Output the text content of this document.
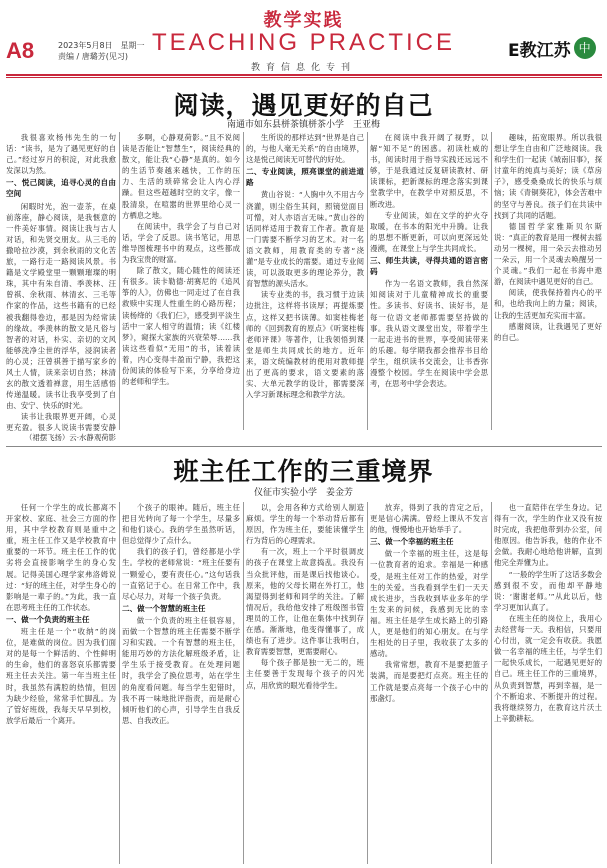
教学实践
TEACHING PRACTICE
教育信息化专刊
A8	2023年5月8日　星期一
责编 / 唐璐芳(见习)	E教江苏 中
阅读，遇见更好的自己
南通市如东县栟茶镇栟茶小学　王亚梅

我很喜欢杨伟先生的一句话：“读书，是为了遇见更好的自己。”经过岁月的积淀，对此我愈发深以为然。

一、悦己阅读，追寻心灵的自由空间

闲暇时光，泡一壶茶，在桌前落座，静心阅读，是我惬意的一件美好事情。阅读让我与古人对话，和先贤交朋友。从三毛的撒哈拉沙漠，到余秋雨的文化苦旅，一路行走一路阅读风景。书籍是文学殿堂里一颗颗璀璨的明珠，其中有朱自清、季羡林、汪曾祺、余秋雨、林清玄、三毛等作家的作品，这些书籍有的已经被我翻得卷边，那是因为经常读的缘故。季羡林的散文是凡俗与智者的对话，朴实、亲切的文风能够洗净尘世的浮华，浸润读者的心灵；汪曾祺善于描写家乡的风土人情，读来亲切自然；林清玄的散文透着禅意，用生活感悟传递温暖。读书让我享受到了自由、安宁、快乐的时光。

读书让我眼界更开阔，心灵更充盈。很多人说读书需要安静

多啊，心静观荷影。”且不说阅读是否能让“智慧生”，阅读经典的散文，能让我“心静”是真的。如今的生活节奏越来越快，工作的压力、生活的琐碎常会让人内心浮躁。但这些超越时空的文字，像一股清泉，在喧嚣的世界里给心灵一方栖息之地。

在阅读中，我学会了与自己对话，学会了反思。读书笔记，用思维导图梳理书中的观点，这些都成为我宝贵的财富。

除了散文，随心随性的阅读还有很多。读卡勒德·胡赛尼的《追风筝的人》，仿佛也一同走过了在自我救赎中实现人性重生的心路历程；读杨绛的《我们仨》，感受到平淡生活中一家人相守的温情；读《红楼梦》，窥探大家族的兴衰荣辱……我读这些看似“无用”的书，读着读着，内心变得丰盈而宁静，我把这份阅读的体验写下来，分享给身边的老师和学生。

生所说的那样达到“世界是自己的，与他人毫无关系”的自由境界，这是悦己阅读无可替代的好处。

二、专业阅读，照亮课堂的前进道路

黄山谷说：“人胸中久不用古今浇灌，则尘俗生其间，照镜觉面目可憎，对人亦语言无味。”黄山谷的话同样适用于教育工作者。教育是一门需要不断学习的艺术。对一名语文教师，用教育类的专著“浇灌”是专业成长的需要。通过专业阅读，可以汲取更多的理论养分，教育智慧的源头活水。

读专业类的书，我习惯于边读边批注，这样将书读厚；再提炼要点，这样又把书读薄。如窦桂梅老师的《回到教育的原点》《听窦桂梅老师评课》等著作，让我领悟到课堂是师生共同成长的地方。近年来，语文统编教材的使用对教师提出了更高的要求，语文要素的落实、大单元教学的设计，都需要深入学习新课标理念和教学方法。

在阅读中我开阔了视野，以解“知不足”的困惑。初读杜威的书，阅读时用于指导实践还远远不够，于是我通过反复研读教材、研读课标，把新课标的理念落实到课堂教学中，在教学中对照反思，不断改进。

专业阅读，如在文学的护火夺取暖，在书本的阳光中升腾。让我的思想不断更新，可以向更深远处漫溯，在课堂上与学生共同成长。

三、师生共读，寻得共通的语言密码

作为一名语文教师，我自然深知阅读对于儿童精神成长的重要性。多读书、好读书、读好书，是每一位语文老师都需要坚持做的事。我从语文课堂出发，带着学生一起走进书的世界，享受阅读带来的乐趣。每学期我都会推荐书目给学生，组织读书交流会，让书香弥漫整个校园。学生在阅读中学会思考，在思考中学会表达。

趣味，拓宽眼界。所以我很想让学生自由和广泛地阅读。我和学生们一起读《城南旧事》，探讨童年的纯真与美好；读《草房子》，感受桑桑成长的快乐与烦恼；读《青铜葵花》，体会苦难中的坚守与善良。孩子们在共读中找到了共同的话题。

德国哲学家雅斯贝尔斯说：“真正的教育是用一棵树去摇动另一棵树，用一朵云去推动另一朵云，用一个灵魂去唤醒另一个灵魂。”我们一起在书海中遨游，在阅读中遇见更好的自己。

阅读，使我保持着内心的平和，也给我向上的力量；阅读，让我的生活更加充实而丰富。

感谢阅读，让我遇见了更好的自己。

（裙摆飞扬）云·水静观荷影

班主任工作的三重境界
仪征市实验小学　姜金芳

任何一个学生的成长都离不开家校、家庭、社会三方面的作用，其中学校教育则是重中之重，班主任工作又是学校教育中重要的一环节。班主任工作的优劣将会直接影响学生的身心发展。记得美国心理学家弗洛姆说过：“好的班主任，对学生身心的影响是一辈子的。”为此，我一直在思考班主任的工作状态。

一、做一个负责的班主任

班主任是一个“收纳”的岗位，是难做的岗位。因为我们面对的是每一个鲜活的、个性鲜明的生命，他们的喜怒哀乐都需要班主任去关注。第一年当班主任时，我虽然有满腔的热情，但因为缺少经验，常常手忙脚乱。为了管好班级，我每天早早到校，放学后最后一个离开。

个孩子的眼神。随后，班主任把目光转向了每一个学生，尽量多和他们谈心。我的学生虽然听话，但总觉得少了点什么。

我们的孩子们，曾经都是小学生。学校的老师常说：“班主任要有一颗爱心，要有责任心。”这句话我一直铭记于心。在日常工作中，我尽心尽力，对每一个孩子负责。

二、做一个智慧的班主任

做一个负责的班主任很容易，而做一个智慧的班主任需要不断学习和实践。一个有智慧的班主任，能用巧妙的方法化解班级矛盾，让学生乐于接受教育。在处理问题时，我学会了换位思考，站在学生的角度看问题。每当学生犯错时，我不再一味地批评指责，而是耐心倾听他们的心声，引导学生自我反思、自我改正。

以，会用各种方式给别人制造麻烦。学生的每一个举动背后都有原因，作为班主任，要能读懂学生行为背后的心理需求。

有一次，班上一个平时很调皮的孩子在课堂上故意捣乱。我没有当众批评他，而是课后找他谈心。原来，他的父母长期在外打工，他渴望得到老师和同学的关注。了解情况后，我给他安排了班级图书管理员的工作，让他在集体中找到存在感。渐渐地，他变得懂事了，成绩也有了进步。这件事让我明白，教育需要智慧，更需要耐心。

每个孩子都是独一无二的，班主任要善于发现每个孩子的闪光点，用欣赏的眼光看待学生。

放弃，得到了我的肯定之后，更是信心满满。曾经上课从不发言的他，慢慢地也开始举手了。

三、做一个幸福的班主任

做一个幸福的班主任，这是每一位教育者的追求。幸福是一种感受，是班主任对工作的热爱，对学生的关爱。当我看到学生们一天天成长进步，当我收到毕业多年的学生发来的问候，我感到无比的幸福。班主任是学生成长路上的引路人，更是他们的知心朋友。在与学生相处的日子里，我收获了太多的感动。

我常常想，教育不是要把篮子装满，而是要把灯点亮。班主任的工作就是要点亮每一个孩子心中的那盏灯。

也一直陪伴在学生身边。记得有一次，学生的作业又没有按时完成，我把他带到办公室，问他原因。他告诉我，他的作业不会做。我耐心地给他讲解，直到他完全弄懂为止。

“一般的学生听了这话多数会感到很不安，而他却平静地说：‘谢谢老师。’”从此以后，他学习更加认真了。

在班主任的岗位上，我用心去经营每一天。我相信，只要用心付出，就一定会有收获。我愿做一名幸福的班主任，与学生们一起快乐成长，一起遇见更好的自己。班主任工作的三重境界，从负责到智慧，再到幸福，是一个不断追求、不断提升的过程。我将继续努力，在教育这片沃土上辛勤耕耘。
